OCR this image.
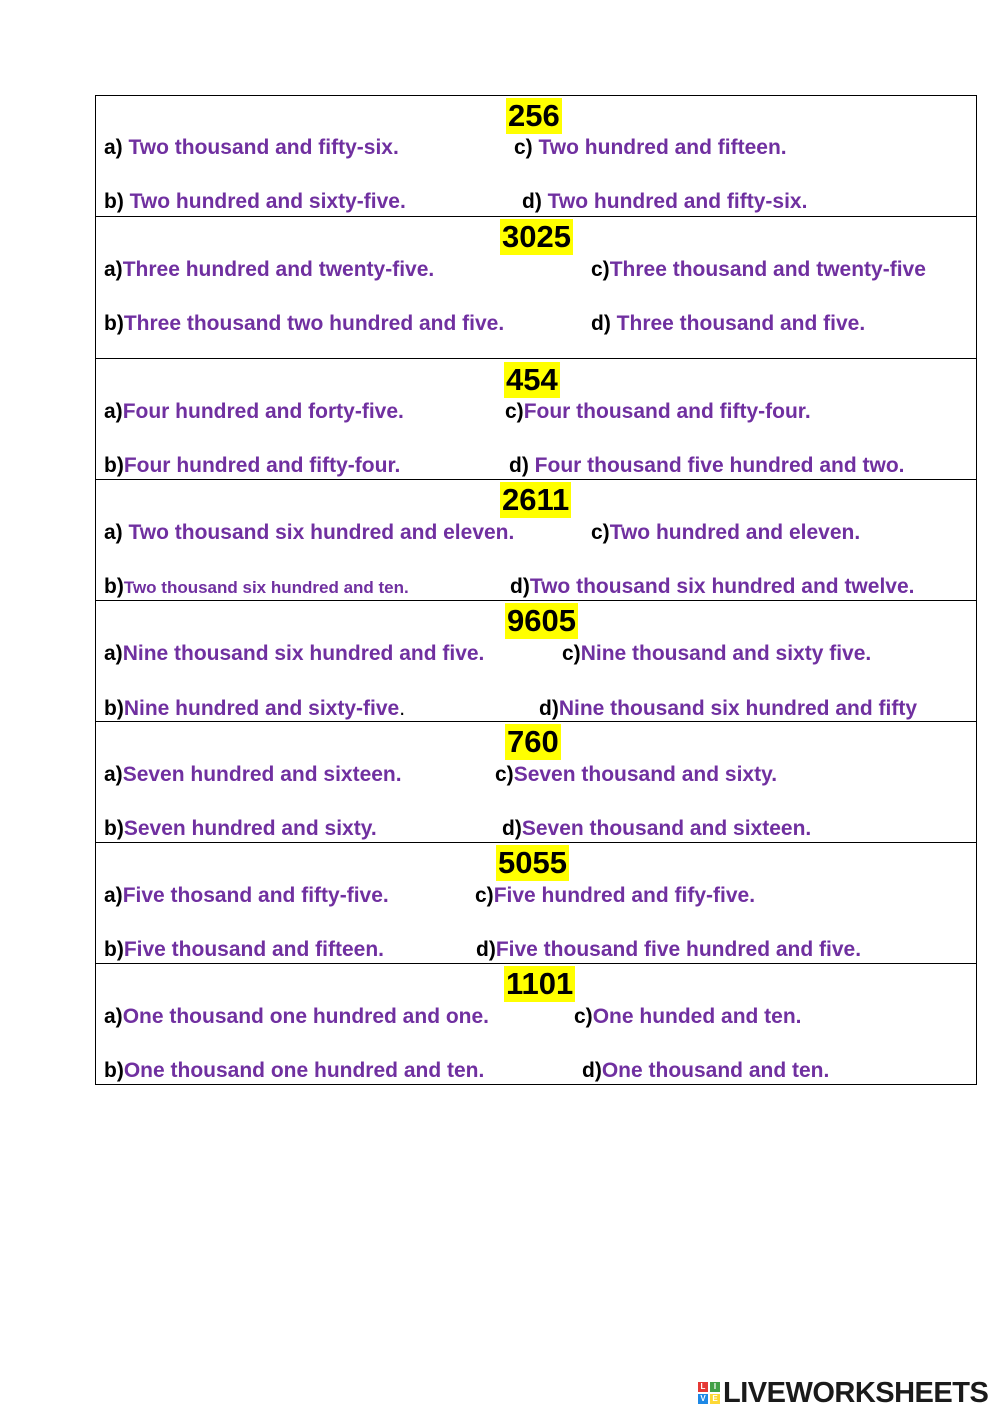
256
a) Two thousand and fifty-six.	c) Two hundred and fifteen.
b) Two hundred and sixty-five.	d) Two hundred and fifty-six.
3025
a)Three hundred and twenty-five.	c)Three thousand and twenty-five
b)Three thousand two hundred and five.	d) Three thousand and five.
454
a)Four hundred and forty-five.	c)Four thousand and fifty-four.
b)Four hundred and fifty-four.	d) Four thousand five hundred and two.
2611
a) Two thousand six hundred and eleven.	c)Two hundred and eleven.
b)Two thousand six hundred and ten.	d)Two thousand six hundred and twelve.
9605
a)Nine thousand six hundred and five.	c)Nine thousand and sixty five.
b)Nine hundred and sixty-five.	d)Nine thousand six hundred and fifty
760
a)Seven hundred and sixteen.	c)Seven thousand and sixty.
b)Seven hundred and sixty.	d)Seven thousand and sixteen.
5055
a)Five thosand and fifty-five.	c)Five hundred and fify-five.
b)Five thousand and fifteen.	d)Five thousand five hundred and five.
1101
a)One thousand one hundred and one.	c)One hunded and ten.
b)One thousand one hundred and ten.	d)One thousand and ten.
L	I
V E LIVEWORKSHEETS
